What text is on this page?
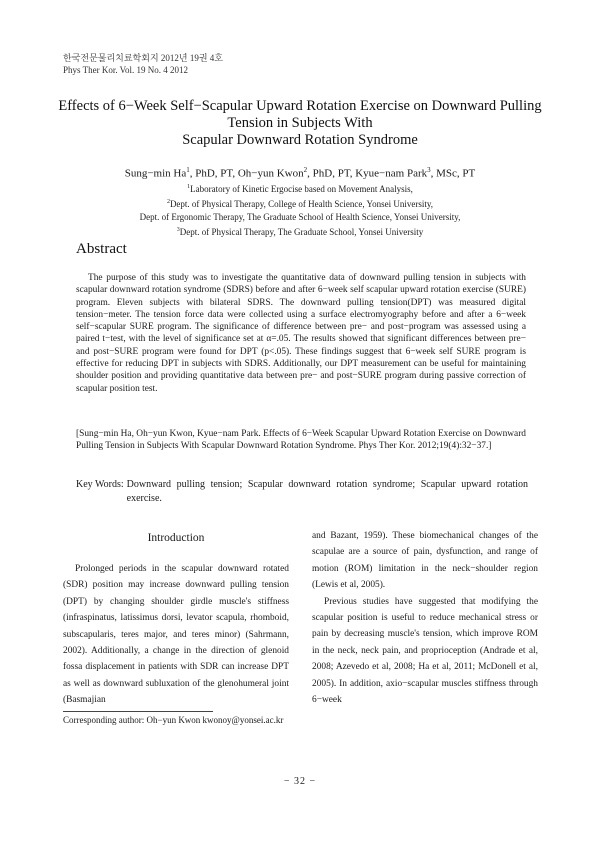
한국전문물리치료학회지 2012년 19권 4호
Phys Ther Kor. Vol. 19 No. 4 2012
Effects of 6−Week Self−Scapular Upward Rotation Exercise on Downward Pulling
Tension in Subjects With
Scapular Downward Rotation Syndrome
Sung−min Ha$^1$, PhD, PT, Oh−yun Kwon$^2$, PhD, PT, Kyue−nam Park$^3$, MSc, PT
$^1$Laboratory of Kinetic Ergocise based on Movement Analysis,
$^2$Dept. of Physical Therapy, College of Health Science, Yonsei University,
Dept. of Ergonomic Therapy, The Graduate School of Health Science, Yonsei University,
$^3$Dept. of Physical Therapy, The Graduate School, Yonsei University
Abstract
The purpose of this study was to investigate the quantitative data of downward pulling tension in subjects with scapular downward rotation syndrome (SDRS) before and after 6−week self scapular upward rotation exercise (SURE) program. Eleven subjects with bilateral SDRS. The downward pulling tension(DPT) was measured digital tension−meter. The tension force data were collected using a surface electromyography before and after a 6−week self−scapular SURE program. The significance of difference between pre− and post−program was assessed using a paired t−test, with the level of significance set at α=.05. The results showed that significant differences between pre− and post−SURE program were found for DPT (p<.05). These findings suggest that 6−week self SURE program is effective for reducing DPT in subjects with SDRS. Additionally, our DPT measurement can be useful for maintaining shoulder position and providing quantitative data between pre− and post−SURE program during passive correction of scapular position test.
[Sung−min Ha, Oh−yun Kwon, Kyue−nam Park. Effects of 6−Week Scapular Upward Rotation Exercise on Downward Pulling Tension in Subjects With Scapular Downward Rotation Syndrome. Phys Ther Kor. 2012;19(4):32−37.]
Key Words: Downward pulling tension; Scapular downward rotation syndrome; Scapular upward rotation exercise.
Introduction

Prolonged periods in the scapular downward rotated (SDR) position may increase downward pulling tension (DPT) by changing shoulder girdle muscle's stiffness (infraspinatus, latissimus dorsi, levator scapula, rhomboid, subscapularis, teres major, and teres minor) (Sahrmann, 2002). Additionally, a change in the direction of glenoid fossa displacement in patients with SDR can increase DPT as well as downward subluxation of the glenohumeral joint (Basmajian

and Bazant, 1959). These biomechanical changes of the scapulae are a source of pain, dysfunction, and range of motion (ROM) limitation in the neck−shoulder region (Lewis et al, 2005).

Previous studies have suggested that modifying the scapular position is useful to reduce mechanical stress or pain by decreasing muscle's tension, which improve ROM in the neck, neck pain, and proprioception (Andrade et al, 2008; Azevedo et al, 2008; Ha et al, 2011; McDonell et al, 2005). In addition, axio−scapular muscles stiffness through 6−week

Corresponding author: Oh−yun Kwon kwonoy@yonsei.ac.kr
− 32 −
